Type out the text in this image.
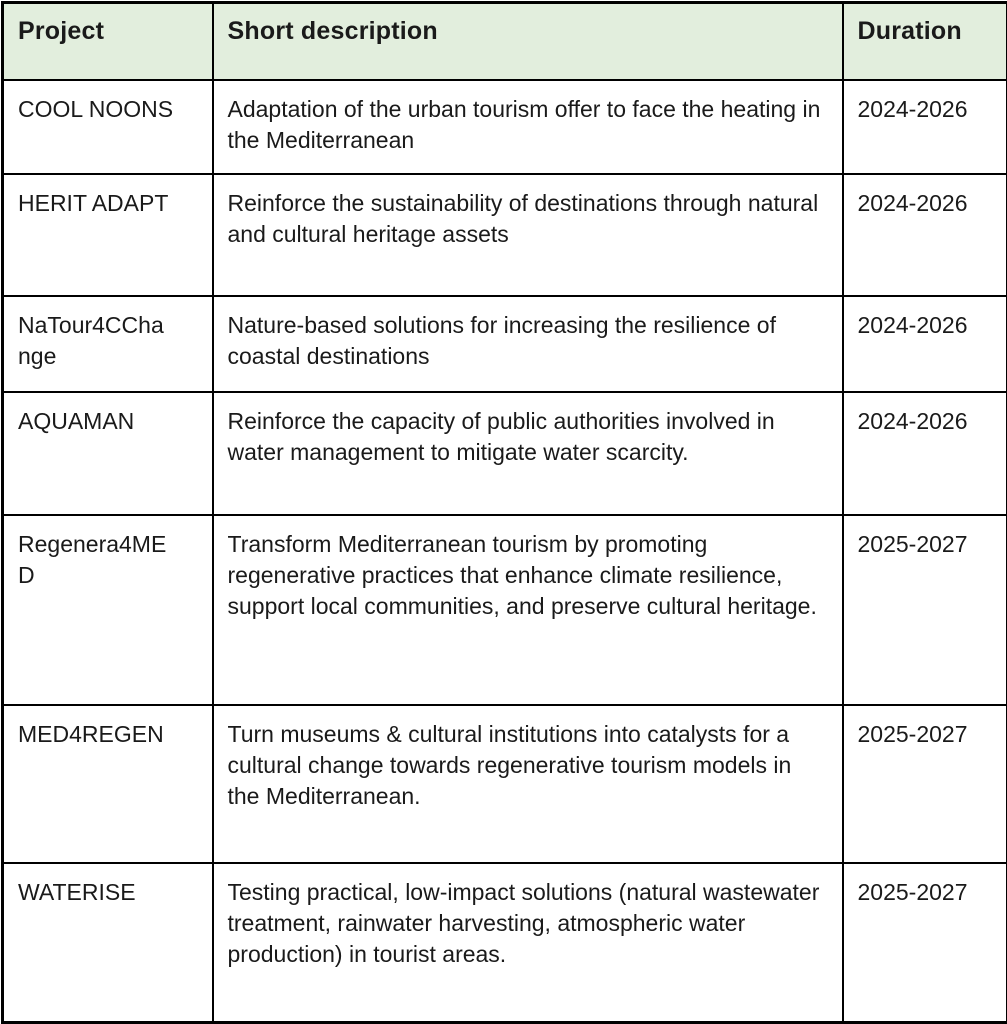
Project	Short description	Duration
COOL NOONS	Adaptation of the urban tourism offer to face the heating in the Mediterranean	2024-2026
HERIT ADAPT	Reinforce the sustainability of destinations through natural and cultural heritage assets	2024-2026
NaTour4CChange	Nature-based solutions for increasing the resilience of coastal destinations	2024-2026
AQUAMAN	Reinforce the capacity of public authorities involved in water management to mitigate water scarcity.	2024-2026
Regenera4MED	Transform Mediterranean tourism by promoting regenerative practices that enhance climate resilience, support local communities, and preserve cultural heritage.	2025-2027
MED4REGEN	Turn museums & cultural institutions into catalysts for a cultural change towards regenerative tourism models in the Mediterranean.	2025-2027
WATERISE	Testing practical, low-impact solutions (natural wastewater treatment, rainwater harvesting, atmospheric water production) in tourist areas.	2025-2027
